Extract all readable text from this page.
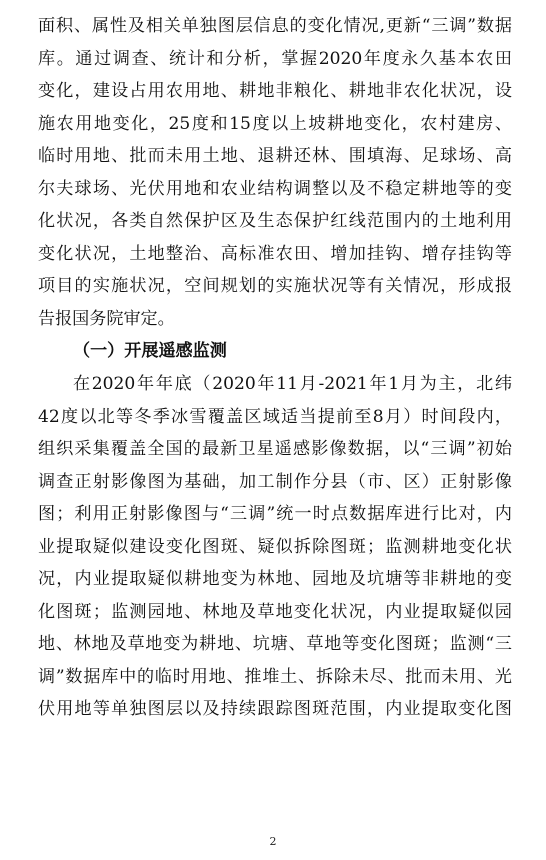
面积、属性及相关单独图层信息的变化情况,更新“三调”数据
库。通过调查、统计和分析，掌握2020年度永久基本农田
变化，建设占用农用地、耕地非粮化、耕地非农化状况，设
施农用地变化，25度和15度以上坡耕地变化，农村建房、
临时用地、批而未用土地、退耕还林、围填海、足球场、高
尔夫球场、光伏用地和农业结构调整以及不稳定耕地等的变
化状况，各类自然保护区及生态保护红线范围内的土地利用
变化状况，土地整治、高标准农田、增加挂钩、增存挂钩等
项目的实施状况，空间规划的实施状况等有关情况，形成报
告报国务院审定。
（一）开展遥感监测
在2020年年底（2020年11月-2021年1月为主，北纬
42度以北等冬季冰雪覆盖区域适当提前至8月）时间段内，
组织采集覆盖全国的最新卫星遥感影像数据，以“三调”初始
调查正射影像图为基础，加工制作分县（市、区）正射影像
图；利用正射影像图与“三调”统一时点数据库进行比对，内
业提取疑似建设变化图斑、疑似拆除图斑；监测耕地变化状
况，内业提取疑似耕地变为林地、园地及坑塘等非耕地的变
化图斑；监测园地、林地及草地变化状况，内业提取疑似园
地、林地及草地变为耕地、坑塘、草地等变化图斑；监测“三
调”数据库中的临时用地、推堆土、拆除未尽、批而未用、光
伏用地等单独图层以及持续跟踪图斑范围，内业提取变化图
2
